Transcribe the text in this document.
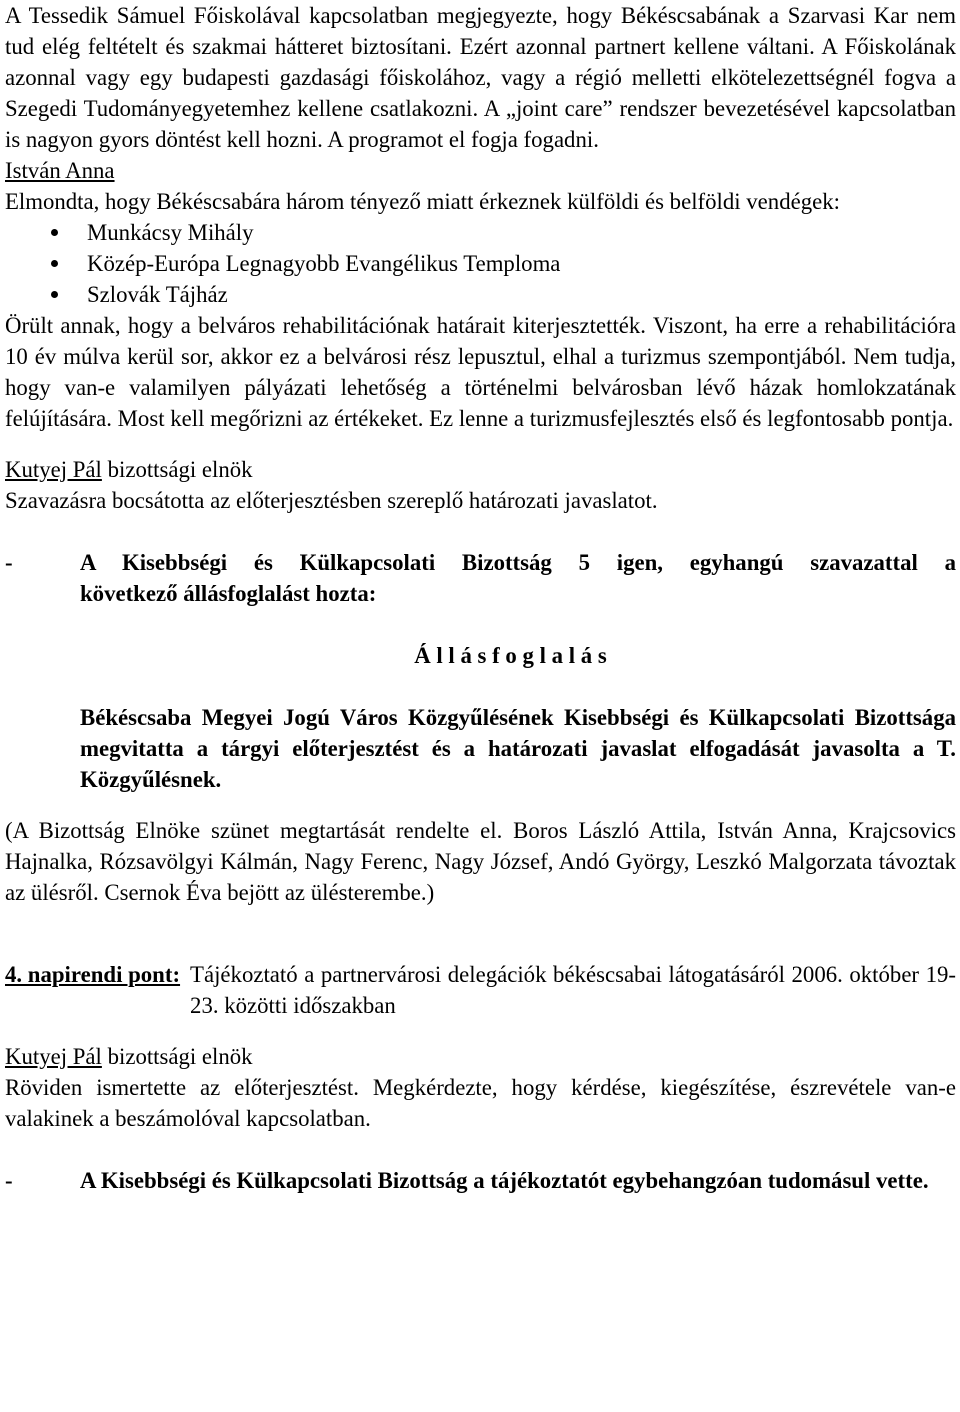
A Tessedik Sámuel Főiskolával kapcsolatban megjegyezte, hogy Békéscsabának a Szarvasi Kar nem tud elég feltételt és szakmai hátteret biztosítani. Ezért azonnal partnert kellene váltani. A Főiskolának azonnal vagy egy budapesti gazdasági főiskolához, vagy a régió melletti elkötelezettségnél fogva a Szegedi Tudományegyetemhez kellene csatlakozni. A „joint care” rendszer bevezetésével kapcsolatban is nagyon gyors döntést kell hozni. A programot el fogja fogadni.

István Anna

Elmondta, hogy Békéscsabára három tényező miatt érkeznek külföldi és belföldi vendégek:

Munkácsy Mihály
Közép-Európa Legnagyobb Evangélikus Temploma
Szlovák Tájház

Örült annak, hogy a belváros rehabilitációnak határait kiterjesztették. Viszont, ha erre a rehabilitációra 10 év múlva kerül sor, akkor ez a belvárosi rész lepusztul, elhal a turizmus szempontjából. Nem tudja, hogy van-e valamilyen pályázati lehetőség a történelmi belvárosban lévő házak homlokzatának felújítására. Most kell megőrizni az értékeket. Ez lenne a turizmusfejlesztés első és legfontosabb pontja.

Kutyej Pál bizottsági elnök

Szavazásra bocsátotta az előterjesztésben szereplő határozati javaslatot.

-	A Kisebbségi és Külkapcsolati Bizottság 5 igen, egyhangú szavazattal a
következő állásfoglalást hozta:

Á l l á s f o g l a l á s

Békéscsaba Megyei Jogú Város Közgyűlésének Kisebbségi és Külkapcsolati Bizottsága megvitatta a tárgyi előterjesztést és a határozati javaslat elfogadását javasolta a T. Közgyűlésnek.

(A Bizottság Elnöke szünet megtartását rendelte el. Boros László Attila, István Anna, Krajcsovics Hajnalka, Rózsavölgyi Kálmán, Nagy Ferenc, Nagy József, Andó György, Leszkó Malgorzata távoztak az ülésről. Csernok Éva bejött az ülésterembe.)

4. napirendi pont: Tájékoztató a partnervárosi delegációk békéscsabai látogatásáról 2006. október 19-23. közötti időszakban

Kutyej Pál bizottsági elnök

Röviden ismertette az előterjesztést. Megkérdezte, hogy kérdése, kiegészítése, észrevétele van-e valakinek a beszámolóval kapcsolatban.

-	A Kisebbségi és Külkapcsolati Bizottság a tájékoztatót egybehangzóan tudomásul vette.
